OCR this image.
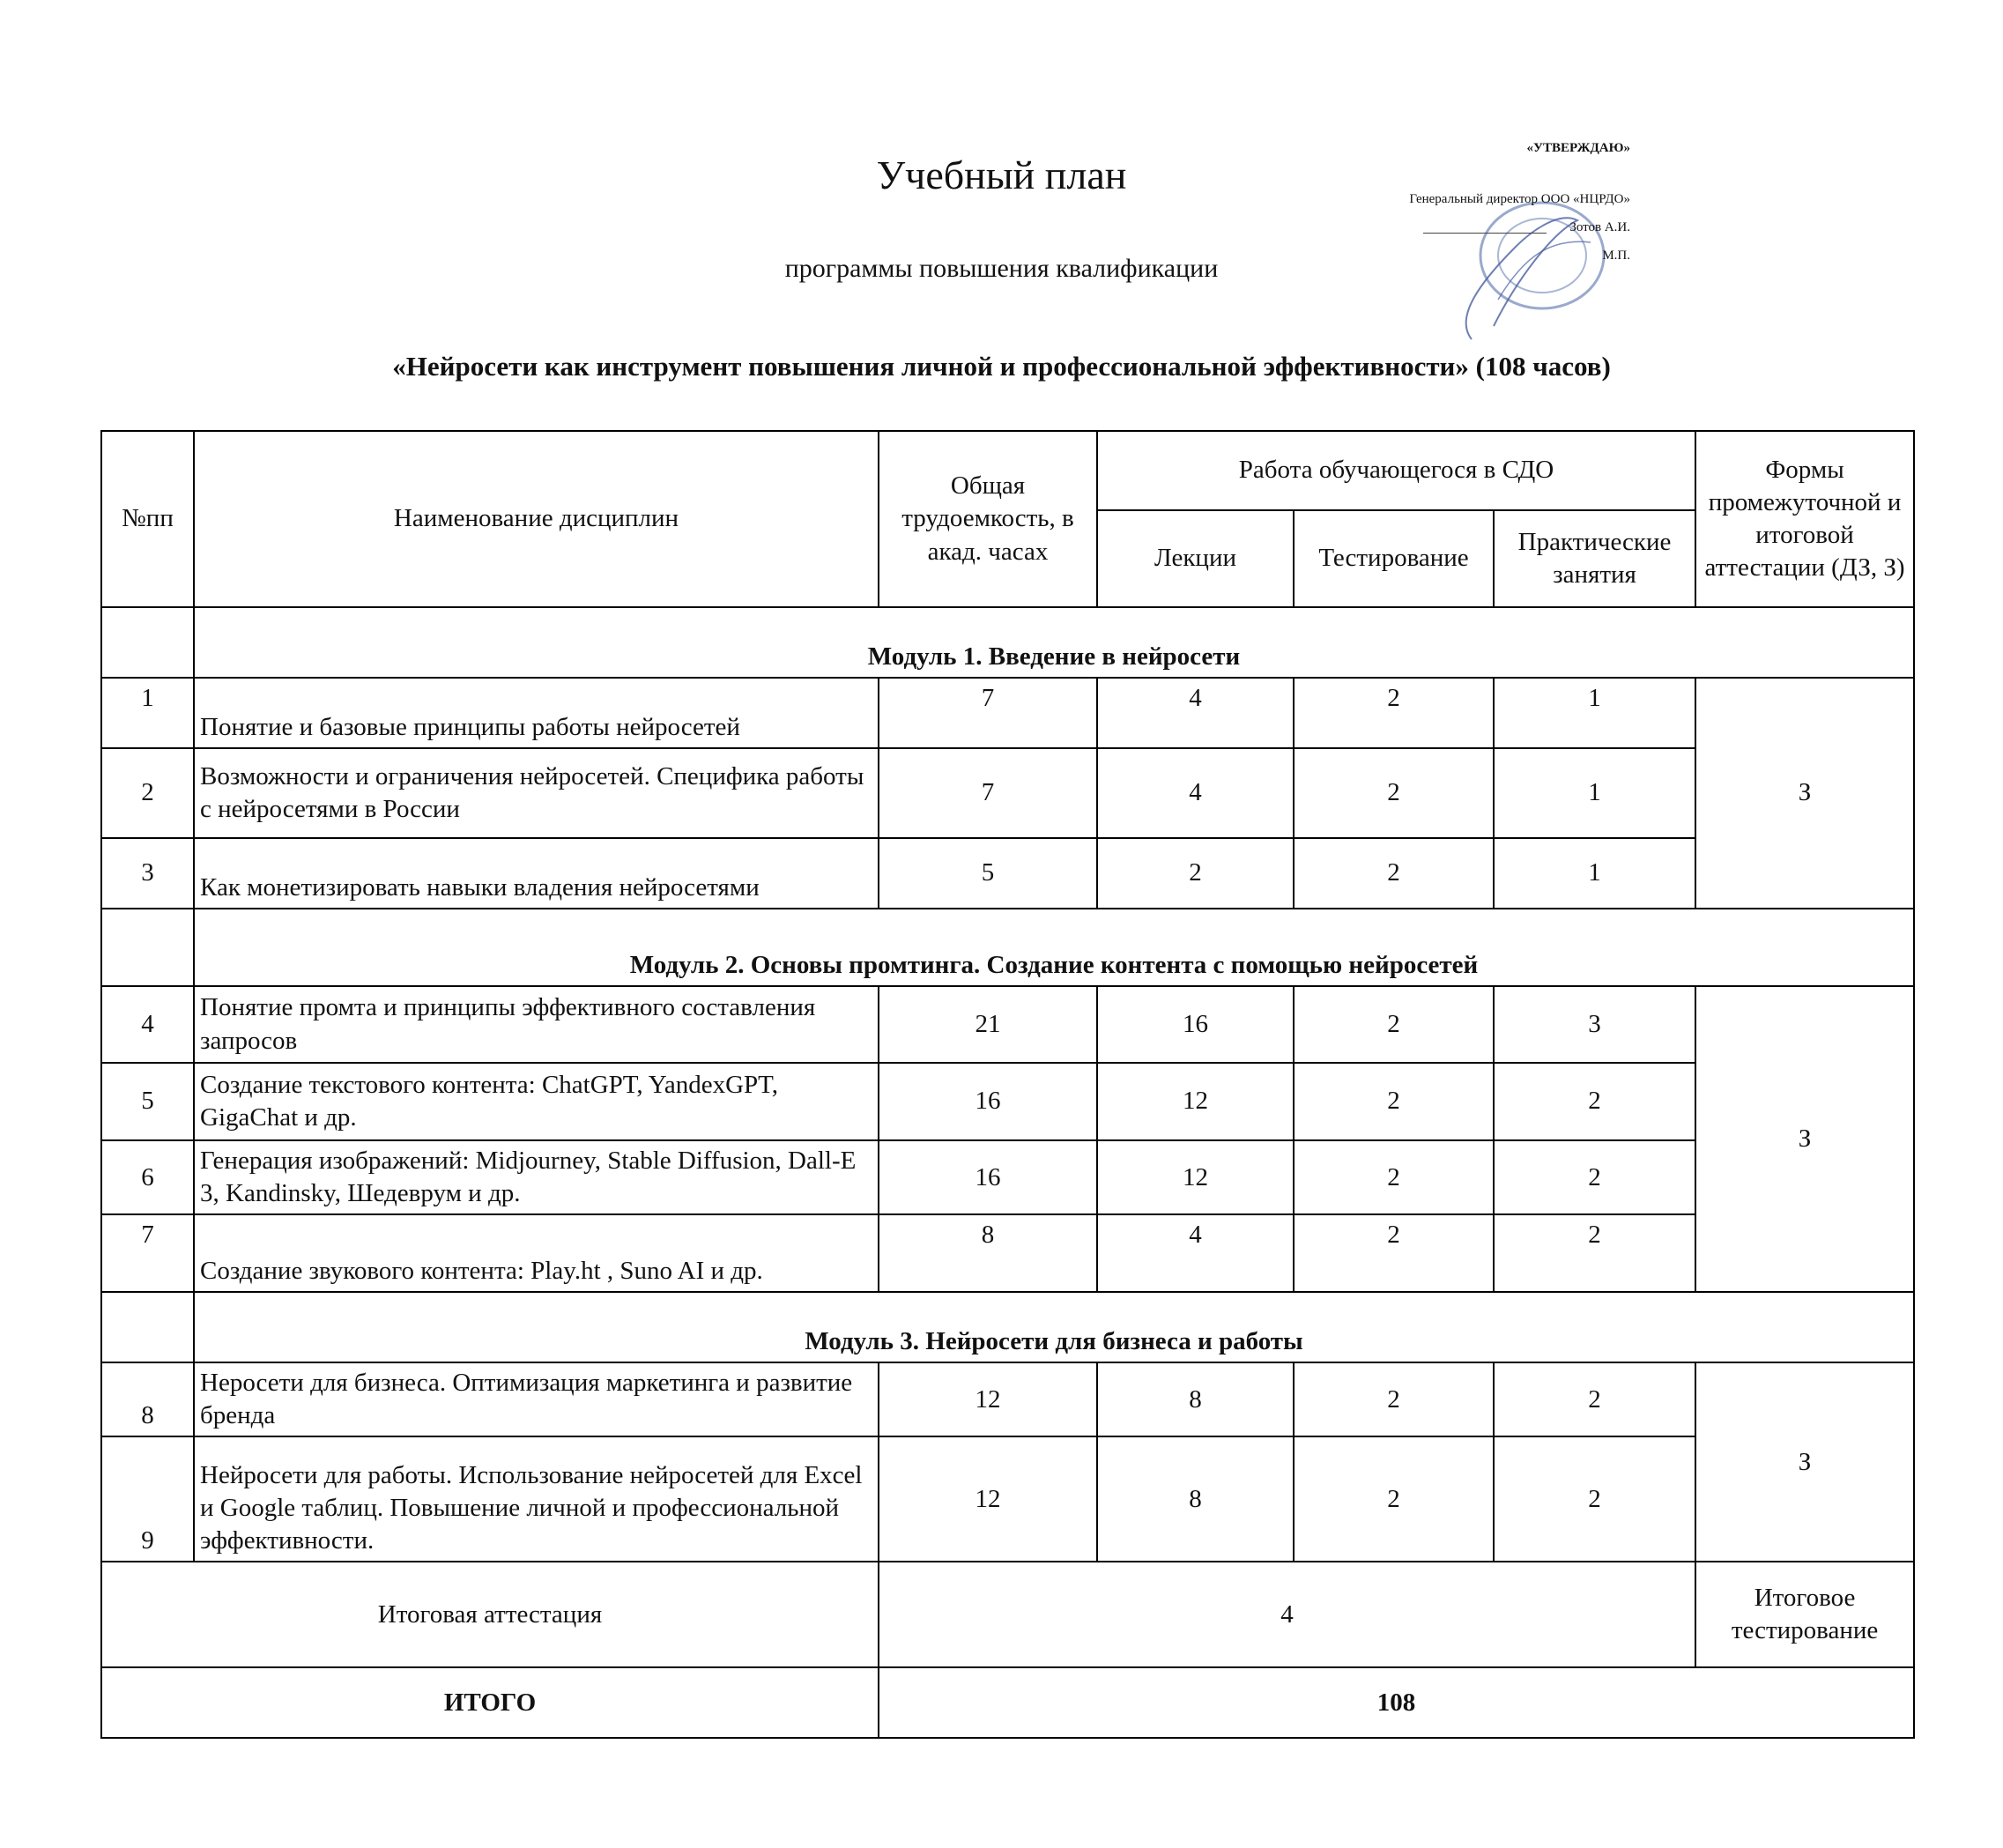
Учебный план
программы повышения квалификации
«Нейросети как инструмент повышения личной и профессиональной эффективности» (108 часов)
«УТВЕРЖДАЮ»
Генеральный директор ООО «НЦРДО»
Зотов А.И.
М.П.
№пп	Наименование дисциплин	Общая трудоемкость, в акад. часах	Работа обучающегося в СДО			Формы промежуточной и итоговой аттестации (ДЗ, З)
			Лекции	Тестирование	Практические занятия	
	Модуль 1. Введение в нейросети					
1	Понятие и базовые принципы работы нейросетей	7	4	2	1	З
2	Возможности и ограничения нейросетей. Специфика работы с нейросетями в России	7	4	2	1	
3	Как монетизировать навыки владения нейросетями	5	2	2	1	
	Модуль 2. Основы промтинга. Создание контента с помощью нейросетей					
4	Понятие промта и принципы эффективного составления запросов	21	16	2	3	З
5	Создание текстового контента: ChatGPT, YandexGPT, GigaChat и др.	16	12	2	2	
6	Генерация изображений: Midjourney, Stable Diffusion, Dall-E 3, Kandinsky, Шедеврум и др.	16	12	2	2	
7	Создание звукового контента: Play.ht , Suno AI и др.	8	4	2	2	
	Модуль 3. Нейросети для бизнеса и работы					
8	Неросети для бизнеса. Оптимизация маркетинга и развитие бренда	12	8	2	2	З
9	Нейросети для работы. Использование нейросетей для Excel и Google таблиц. Повышение личной и профессиональной эффективности.	12	8	2	2	
Итоговая аттестация		4				Итоговое тестирование
ИТОГО		108				
